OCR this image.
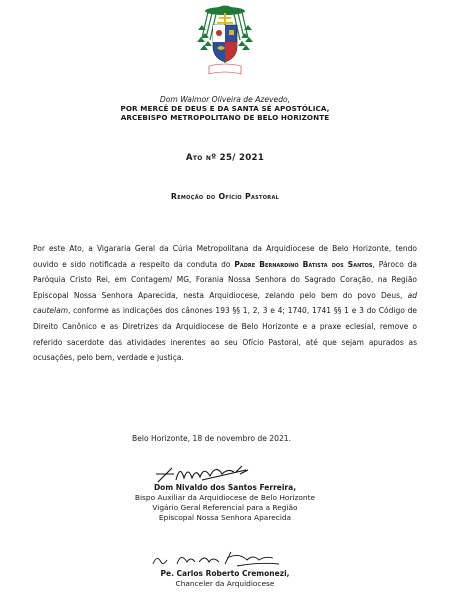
Dom Walmor Oliveira de Azevedo,
POR MERCÊ DE DEUS E DA SANTA SÉ APOSTÓLICA,
ARCEBISPO METROPOLITANO DE BELO HORIZONTE
Ato nº 25/ 2021
Remoção do Ofício Pastoral
Por este Ato, a Vigararia Geral da Cúria Metropolitana da Arquidiocese de Belo Horizonte, tendo ouvido e sido notificada a respeito da conduta do Padre Bernardino Batista dos Santos, Pároco da Paróquia Cristo Rei, em Contagem/ MG, Forania Nossa Senhora do Sagrado Coração, na Região Episcopal Nossa Senhora Aparecida, nesta Arquidiocese, zelando pelo bem do povo Deus, ad cautelam, conforme as indicações dos cânones 193 §§ 1, 2, 3 e 4; 1740, 1741 §§ 1 e 3 do Código de Direito Canônico e as Diretrizes da Arquidiocese de Belo Horizonte e a praxe eclesial, remove o referido sacerdote das atividades inerentes ao seu Ofício Pastoral, até que sejam apurados as ocusações, pelo bem, verdade e justiça.
Belo Horizonte, 18 de novembro de 2021.
Dom Nivaldo dos Santos Ferreira,
Bispo Auxiliar da Arquidiocese de Belo Horizonte
Vigário Geral Referencial para a Região
Episcopal Nossa Senhora Aparecida
Pe. Carlos Roberto Cremonezi,
Chanceler da Arquidiocese
